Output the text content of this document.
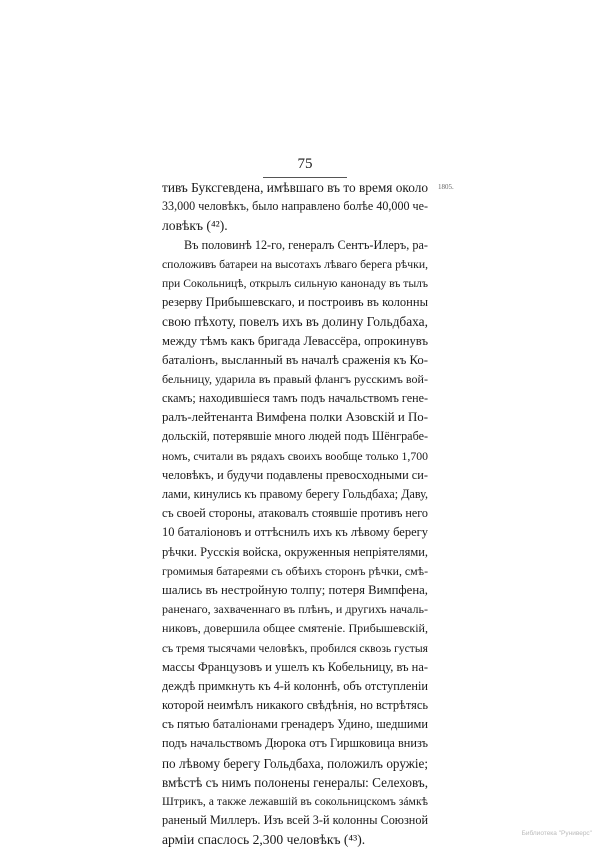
75
1805.
тивъ Буксгевдена, имѣвшаго въ то время около
33,000 человѣкъ, было направлено болѣе 40,000 че-
ловѣкъ (⁴²).
Въ половинѣ 12-го, генералъ Сентъ-Илеръ, ра-
сположивъ батареи на высотахъ лѣваго берега рѣчки,
при Сокольницѣ, открылъ сильную канонаду въ тылъ
резерву Прибышевскаго, и построивъ въ колонны
свою пѣхоту, повелъ ихъ въ долину Гольдбаха,
между тѣмъ какъ бригада Левассёра, опрокинувъ
баталіонъ, высланный въ началѣ сраженія къ Ко-
бельницу, ударила въ правый флангъ русскимъ вой-
скамъ; находившіеся тамъ подъ начальствомъ гене-
ралъ-лейтенанта Вимфена полки Азовскій и По-
дольскій, потерявшіе много людей подъ Шёнграбе-
номъ, считали въ рядахъ своихъ вообще только 1,700
человѣкъ, и будучи подавлены превосходными си-
лами, кинулись къ правому берегу Гольдбаха; Даву,
съ своей стороны, атаковалъ стоявшіе противъ него
10 баталіоновъ и оттѣснилъ ихъ къ лѣвому берегу
рѣчки. Русскія войска, окруженныя непріятелями,
громимыя батареями съ обѣихъ сторонъ рѣчки, смѣ-
шались въ нестройную толпу; потеря Вимпфена,
раненаго, захваченнаго въ плѣнъ, и другихъ началь-
никовъ, довершила общее смятеніе. Прибышевскій,
съ тремя тысячами человѣкъ, пробился сквозь густыя
массы Французовъ и ушелъ къ Кобельницу, въ на-
деждѣ примкнуть къ 4-й колоннѣ, объ отступленіи
которой неимѣлъ никакого свѣдѣнія, но встрѣтясь
съ пятью баталіонами гренадеръ Удино, шедшими
подъ начальствомъ Дюрока отъ Гиршковица внизъ
по лѣвому берегу Гольдбаха, положилъ оружіе;
вмѣстѣ съ нимъ полонены генералы: Селеховъ,
Штрикъ, а также лежавшій въ сокольницскомъ зáмкѣ
раненый Миллеръ. Изъ всей 3-й колонны Союзной
арміи спаслось 2,300 человѣкъ (⁴³).	Библиотека "Руниверс"
